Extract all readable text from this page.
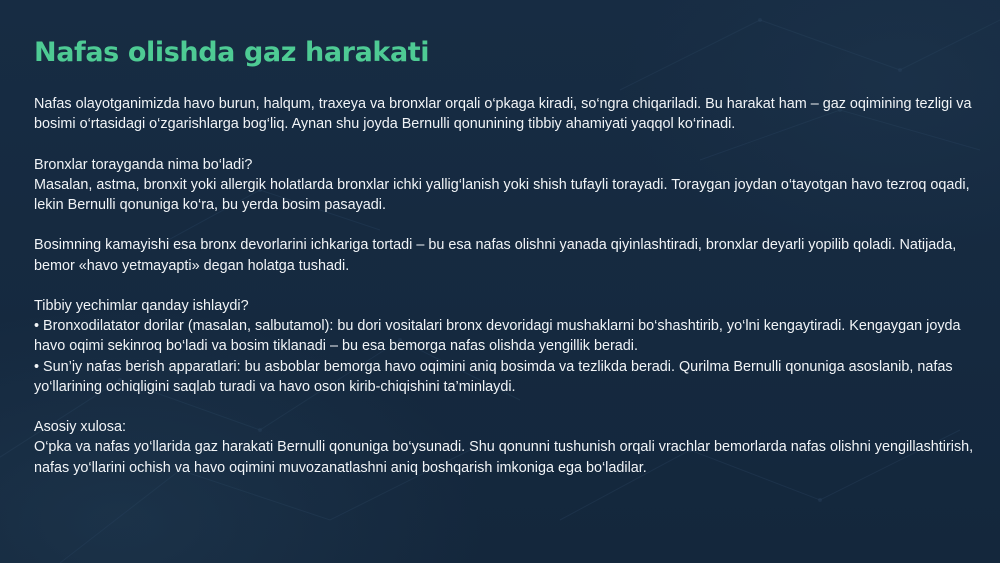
Nafas olishda gaz harakati

Nafas olayotganimizda havo burun, halqum, traxeya va bronxlar orqali o‘pkaga kiradi, so‘ngra chiqariladi. Bu harakat ham – gaz oqimining tezligi va bosimi o‘rtasidagi o‘zgarishlarga bog‘liq. Aynan shu joyda Bernulli qonunining tibbiy ahamiyati yaqqol ko‘rinadi.

Bronxlar torayganda nima bo‘ladi?
Masalan, astma, bronxit yoki allergik holatlarda bronxlar ichki yallig‘lanish yoki shish tufayli torayadi. Toraygan joydan o‘tayotgan havo tezroq oqadi, lekin Bernulli qonuniga ko‘ra, bu yerda bosim pasayadi.

Bosimning kamayishi esa bronx devorlarini ichkariga tortadi – bu esa nafas olishni yanada qiyinlashtiradi, bronxlar deyarli yopilib qoladi. Natijada, bemor «havo yetmayapti» degan holatga tushadi.

Tibbiy yechimlar qanday ishlaydi?
• Bronxodilatator dorilar (masalan, salbutamol): bu dori vositalari bronx devoridagi mushaklarni bo‘shashtirib, yo‘lni kengaytiradi. Kengaygan joyda havo oqimi sekinroq bo‘ladi va bosim tiklanadi – bu esa bemorga nafas olishda yengillik beradi.
• Sun’iy nafas berish apparatlari: bu asboblar bemorga havo oqimini aniq bosimda va tezlikda beradi. Qurilma Bernulli qonuniga asoslanib, nafas yo‘llarining ochiqligini saqlab turadi va havo oson kirib-chiqishini ta’minlaydi.

Asosiy xulosa:
O‘pka va nafas yo‘llarida gaz harakati Bernulli qonuniga bo‘ysunadi. Shu qonunni tushunish orqali vrachlar bemorlarda nafas olishni yengillashtirish, nafas yo‘llarini ochish va havo oqimini muvozanatlashni aniq boshqarish imkoniga ega bo‘ladilar.
